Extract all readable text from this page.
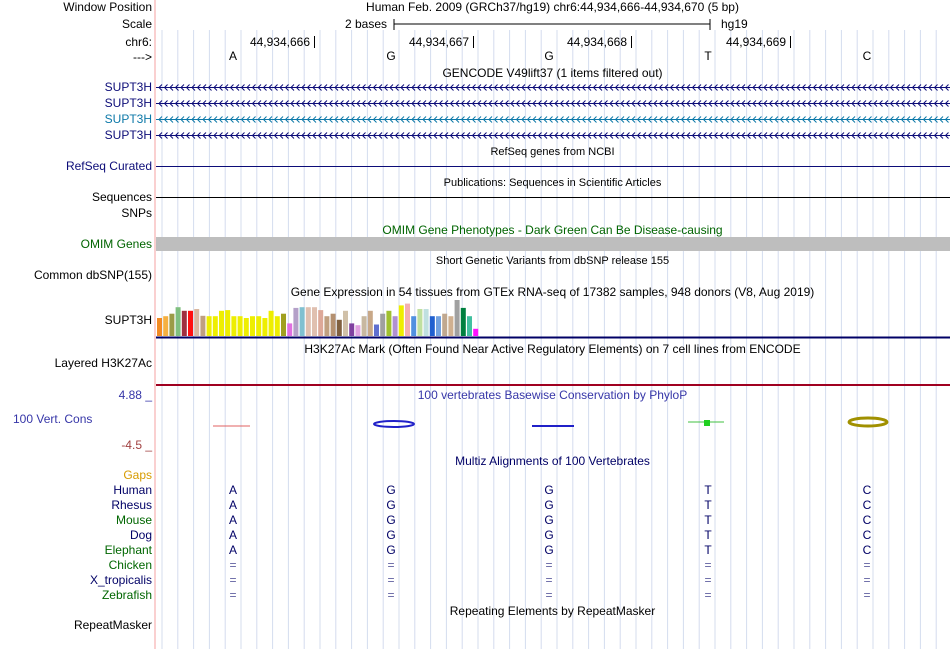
Window Position	Human Feb. 2009 (GRCh37/hg19) chr6:44,934,666-44,934,670 (5 bp)
Scale	2 bases	hg19
chr6:	44,934,666	44,934,667	44,934,668	44,934,669
--->	A	G	G	T	C
GENCODE V49lift37 (1 items filtered out)
SUPT3H
SUPT3H
SUPT3H
SUPT3H
RefSeq genes from NCBI
RefSeq Curated
Publications: Sequences in Scientific Articles
Sequences
SNPs
OMIM Gene Phenotypes - Dark Green Can Be Disease-causing
OMIM Genes
Short Genetic Variants from dbSNP release 155
Common dbSNP(155)
Gene Expression in 54 tissues from GTEx RNA-seq of 17382 samples, 948 donors (V8, Aug 2019)
SUPT3H
H3K27Ac Mark (Often Found Near Active Regulatory Elements) on 7 cell lines from ENCODE
Layered H3K27Ac
4.88 _	100 vertebrates Basewise Conservation by PhyloP
100 Vert. Cons
-4.5 _
Gaps
Multiz Alignments of 100 Vertebrates
Human	A	G	G	T	C
Rhesus	A	G	G	T	C
Mouse	A	G	G	T	C
Dog	A	G	G	T	C
Elephant	A	G	G	T	C
Chicken	=	=	=	=	=
X_tropicalis	=	=	=	=	=
Zebrafish	=	=	=	=	=
Repeating Elements by RepeatMasker
RepeatMasker
